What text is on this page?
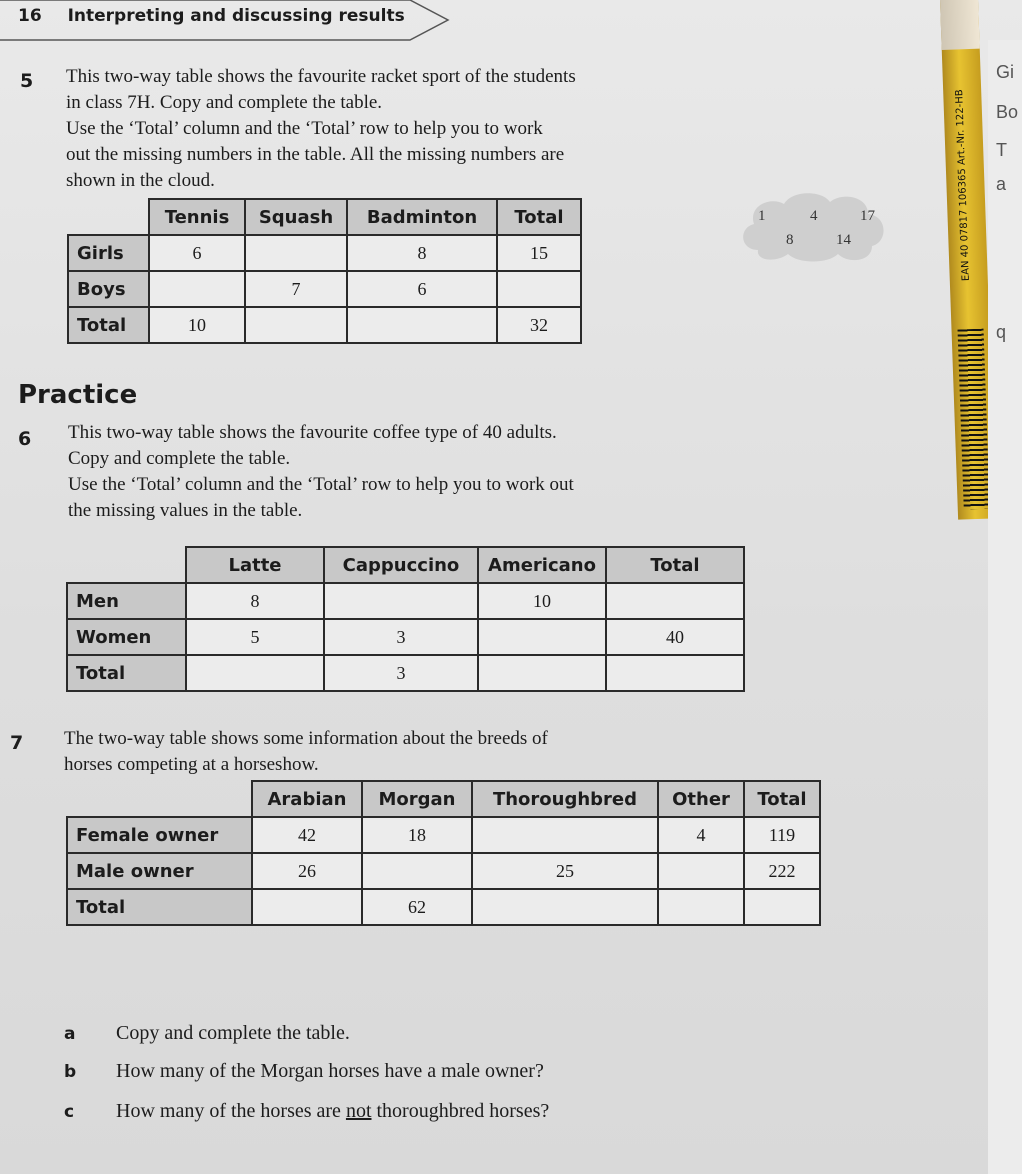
16 Interpreting and discussing results
5 This two-way table shows the favourite racket sport of the students
in class 7H. Copy and complete the table.
Use the ‘Total’ column and the ‘Total’ row to help you to work
out the missing numbers in the table. All the missing numbers are
shown in the cloud.
	Tennis	Squash	Badminton	Total
Girls	6		8	15
Boys		7	6	
Total	10			32
1	4	17
8	14
Practice
6 This two-way table shows the favourite coffee type of 40 adults.
Copy and complete the table.
Use the ‘Total’ column and the ‘Total’ row to help you to work out
the missing values in the table.
	Latte	Cappuccino	Americano	Total
Men	8		10	
Women	5	3		40
Total		3		
7 The two-way table shows some information about the breeds of
horses competing at a horseshow.
	Arabian	Morgan	Thoroughbred	Other	Total
Female owner	42	18		4	119
Male owner	26		25		222
Total		62			
a Copy and complete the table.
b How many of the Morgan horses have a male owner?
c How many of the horses are not thoroughbred horses?
EAN 40 07817 106365 Art.-Nr. 122-HB
Gi
Bo
T
a
q
